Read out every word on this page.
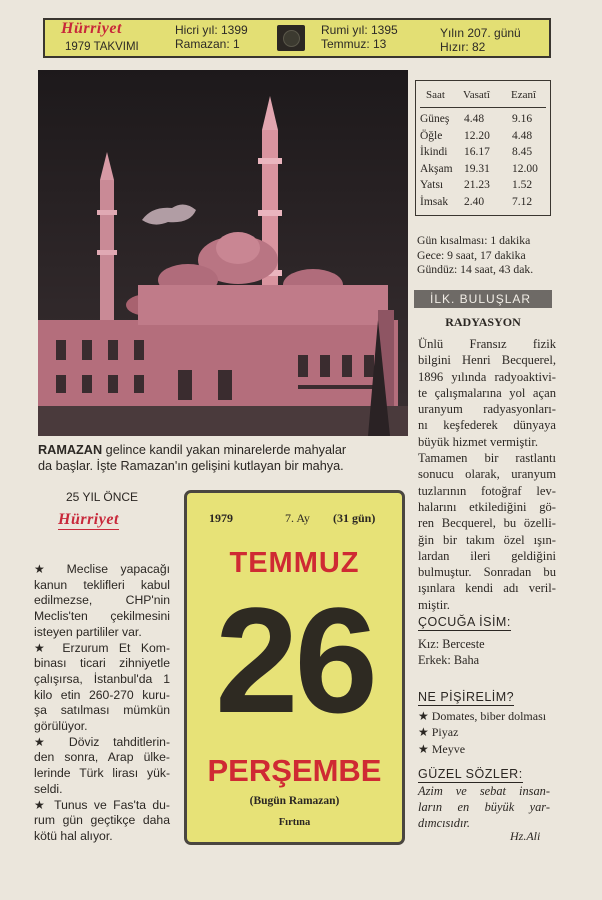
Hürriyet
1979 TAKVIMI
Hicri yıl: 1399
Ramazan: 1
Rumi yıl: 1395
Temmuz: 13
Yılın 207. günü
Hızır: 82
RAMAZAN gelince kandil yakan minarelerde mahyalar
da başlar. İşte Ramazan'ın gelişini kutlayan bir mahya.
Saat Vasatî Ezanî
Güneş 4.48 9.16
Öğle 12.20 4.48
İkindi 16.17 8.45
Akşam 19.31 12.00
Yatsı 21.23 1.52
İmsak 2.40 7.12
Gün kısalması: 1 dakika
Gece: 9 saat, 17 dakika
Gündüz: 14 saat, 43 dak.
İLK. BULUŞLAR
RADYASYON
Ünlü Fransız fizik
bilgini Henri Becquerel,
1896 yılında radyoaktivi-
te çalışmalarına yol açan
uranyum radyasyonları-
nı keşfederek dünyaya
büyük hizmet vermiştir.
Tamamen bir rastlantı
sonucu olarak, uranyum
tuzlarının fotoğraf lev-
halarını etkilediğini gö-
ren Becquerel, bu özelli-
ğin bir takım özel ışın-
lardan ileri geldiğini
bulmuştur. Sonradan bu
ışınlara kendi adı veril-
miştir.
ÇOCUĞA İSİM:
Kız: Berceste
Erkek: Baha
NE PİŞİRELİM?
★ Domates, biber dolması
★ Piyaz
★ Meyve
GÜZEL SÖZLER:
Azim ve sebat insan-
ların en büyük yar-
dımcısıdır.
Hz.Ali
25 YIL ÖNCE
Hürriyet
★ Meclise yapacağı
kanun teklifleri kabul
edilmezse, CHP'nin
Meclis'ten çekilmesini
isteyen partililer var.
★ Erzurum Et Kom-
binası ticari zihniyetle
çalışırsa, İstanbul'da 1
kilo etin 260-270 kuru-
şa satılması mümkün
görülüyor.
★ Döviz tahditlerin-
den sonra, Arap ülke-
lerinde Türk lirası yük-
seldi.
★ Tunus ve Fas'ta du-
rum gün geçtikçe daha
kötü hal alıyor.
1979	7. Ay (31 gün)
TEMMUZ
26
PERŞEMBE
(Bugün Ramazan)
Fırtına
